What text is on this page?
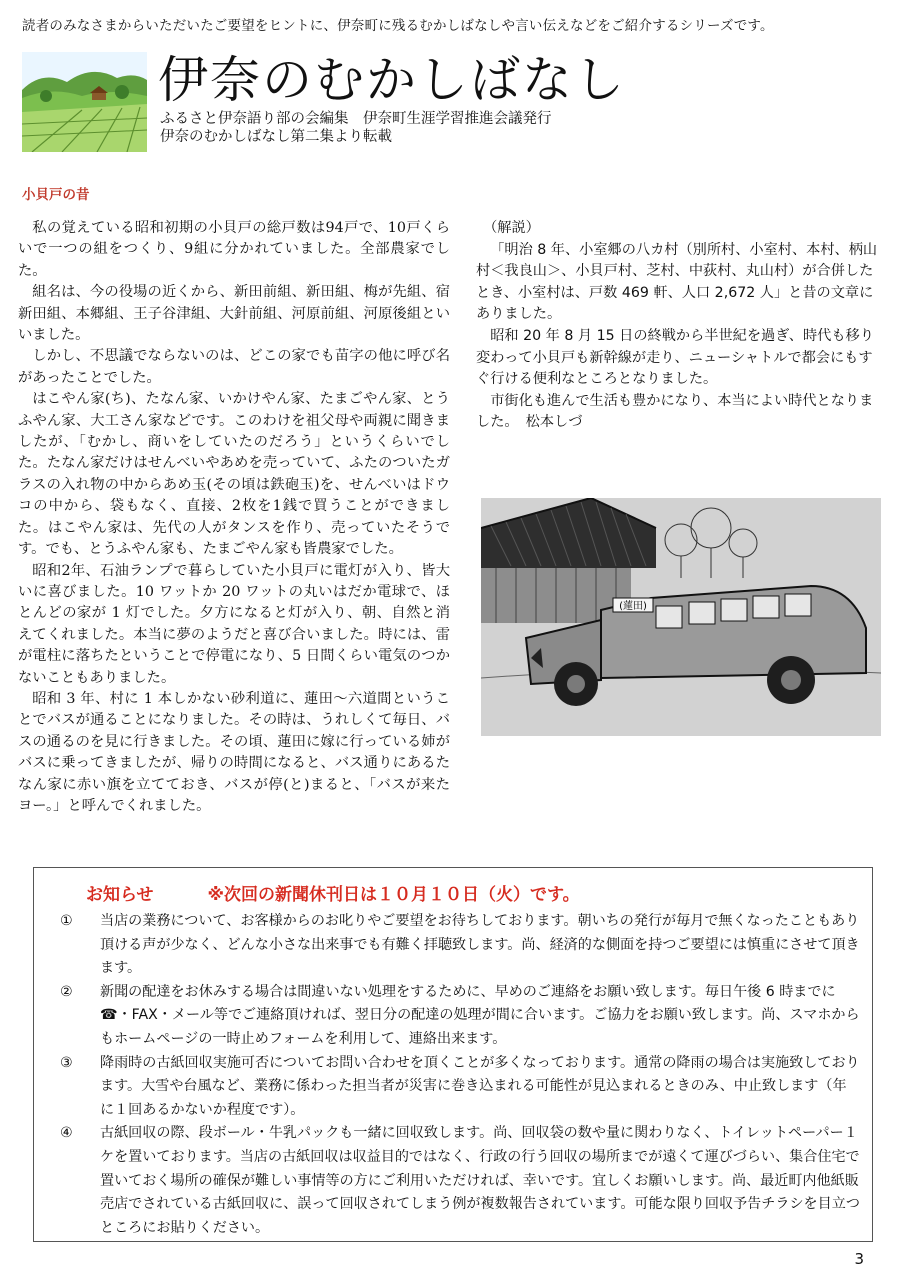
読者のみなさまからいただいたご要望をヒントに、伊奈町に残るむかしばなしや言い伝えなどをご紹介するシリーズです。
伊奈のむかしばなし
ふるさと伊奈語り部の会編集　伊奈町生涯学習推進会議発行
伊奈のむかしばなし第二集より転載
小貝戸の昔

私の覚えている昭和初期の小貝戸の総戸数は94戸で、10戸くらいで一つの組をつくり、9組に分かれていました。全部農家でした。

組名は、今の役場の近くから、新田前組、新田組、梅が先組、宿新田組、本郷組、王子谷津組、大針前組、河原前組、河原後組といいました。

しかし、不思議でならないのは、どこの家でも苗字の他に呼び名があったことでした。

はこやん家(ち)、たなん家、いかけやん家、たまごやん家、とうふやん家、大工さん家などです。このわけを祖父母や両親に聞きましたが、「むかし、商いをしていたのだろう」というくらいでした。たなん家だけはせんべいやあめを売っていて、ふたのついたガラスの入れ物の中からあめ玉(その頃は鉄砲玉)を、せんべいはドウコの中から、袋もなく、直接、2枚を1銭で買うことができました。はこやん家は、先代の人がタンスを作り、売っていたそうです。でも、とうふやん家も、たまごやん家も皆農家でした。

昭和2年、石油ランプで暮らしていた小貝戸に電灯が入り、皆大いに喜びました。10 ワットか 20 ワットの丸いはだか電球で、ほとんどの家が 1 灯でした。夕方になると灯が入り、朝、自然と消えてくれました。本当に夢のようだと喜び合いました。時には、雷が電柱に落ちたということで停電になり、5 日間くらい電気のつかないこともありました。

昭和 3 年、村に 1 本しかない砂利道に、蓮田～六道間ということでバスが通ることになりました。その時は、うれしくて毎日、バスの通るのを見に行きました。その頃、蓮田に嫁に行っている姉がバスに乗ってきましたが、帰りの時間になると、バス通りにあるたなん家に赤い旗を立てておき、バスが停(と)まると、「バスが来たヨー。」と呼んでくれました。

（解説）

「明治 8 年、小室郷の八カ村（別所村、小室村、本村、柄山村＜我良山＞、小貝戸村、芝村、中荻村、丸山村）が合併したとき、小室村は、戸数 469 軒、人口 2,672 人」と昔の文章にありました。

昭和 20 年 8 月 15 日の終戦から半世紀を過ぎ、時代も移り変わって小貝戸も新幹線が走り、ニューシャトルで都会にもすぐ行ける便利なところとなりました。

市街化も進んで生活も豊かになり、本当によい時代となりました。　松本しづ

(蓮田)
お知らせ	※次回の新聞休刊日は１０月１０日（火）です。
① 当店の業務について、お客様からのお叱りやご要望をお待ちしております。朝いちの発行が毎月で無くなったこともあり頂ける声が少なく、どんな小さな出来事でも有難く拝聴致します。尚、経済的な側面を持つご要望には慎重にさせて頂きます。
② 新聞の配達をお休みする場合は間違いない処理をするために、早めのご連絡をお願い致します。毎日午後 6 時までに☎・FAX・メール等でご連絡頂ければ、翌日分の配達の処理が間に合います。ご協力をお願い致します。尚、スマホからもホームページの一時止めフォームを利用して、連絡出来ます。
③ 降雨時の古紙回収実施可否についてお問い合わせを頂くことが多くなっております。通常の降雨の場合は実施致しております。大雪や台風など、業務に係わった担当者が災害に巻き込まれる可能性が見込まれるときのみ、中止致します（年に１回あるかないか程度です）。
④ 古紙回収の際、段ボール・牛乳パックも一緒に回収致します。尚、回収袋の数や量に関わりなく、トイレットペーパー１ケを置いております。当店の古紙回収は収益目的ではなく、行政の行う回収の場所までが遠くて運びづらい、集合住宅で置いておく場所の確保が難しい事情等の方にご利用いただければ、幸いです。宜しくお願いします。尚、最近町内他紙販売店でされている古紙回収に、誤って回収されてしまう例が複数報告されています。可能な限り回収予告チラシを目立つところにお貼りください。
3
